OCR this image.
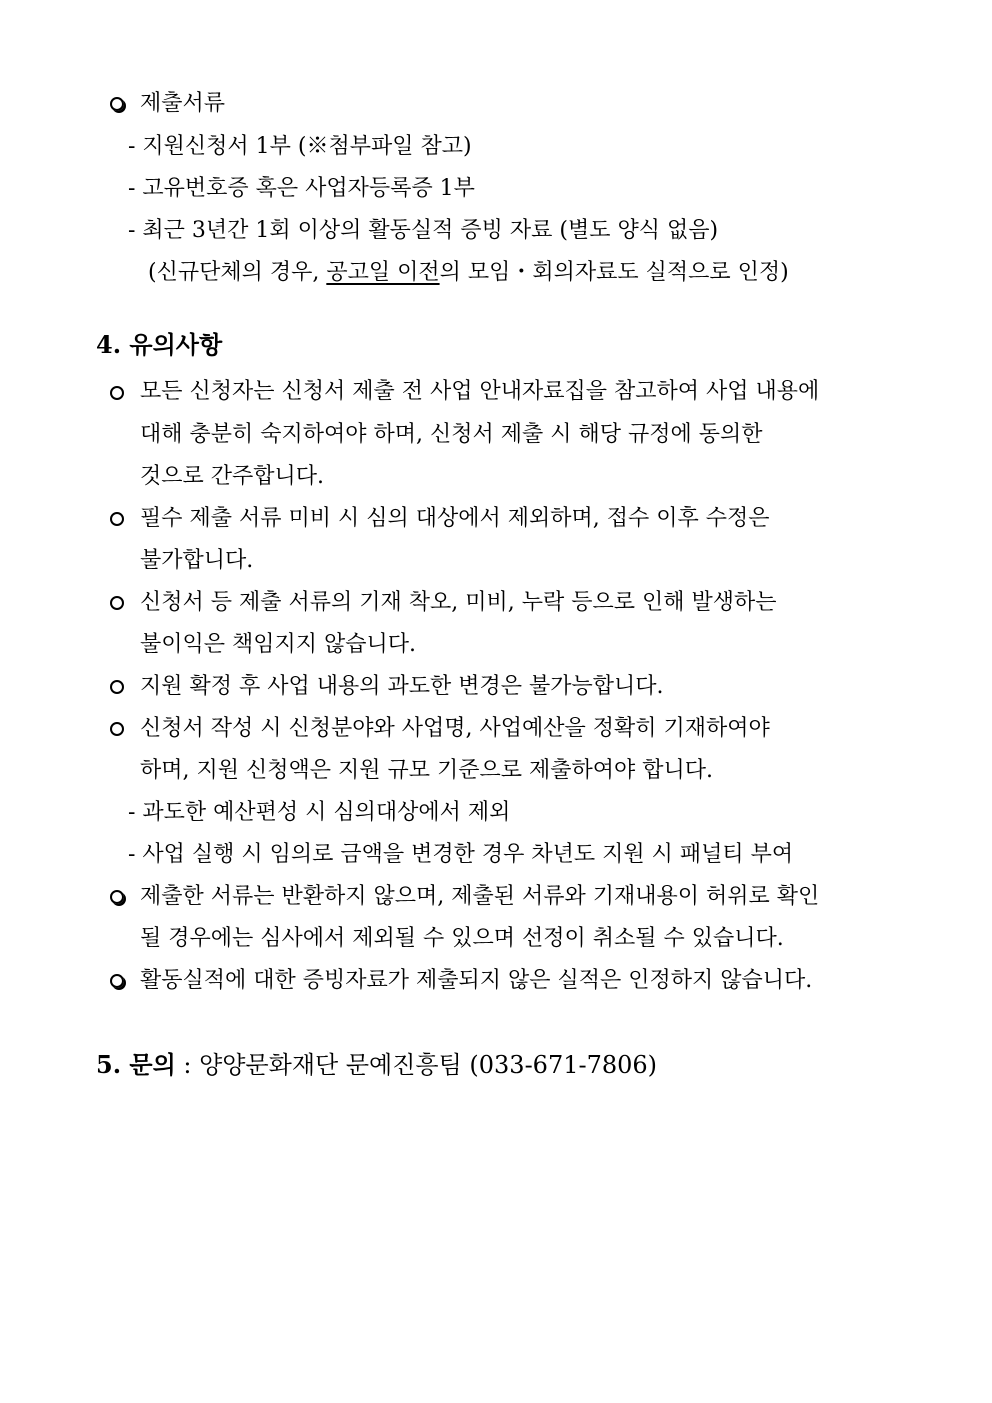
제출서류
- 지원신청서 1부 (※첨부파일 참고)
- 고유번호증 혹은 사업자등록증 1부
- 최근 3년간 1회 이상의 활동실적 증빙 자료 (별도 양식 없음)
(신규단체의 경우, 공고일 이전의 모임・회의자료도 실적으로 인정)
4. 유의사항
모든 신청자는 신청서 제출 전 사업 안내자료집을 참고하여 사업 내용에
대해 충분히 숙지하여야 하며, 신청서 제출 시 해당 규정에 동의한
것으로 간주합니다.
필수 제출 서류 미비 시 심의 대상에서 제외하며, 접수 이후 수정은
불가합니다.
신청서 등 제출 서류의 기재 착오, 미비, 누락 등으로 인해 발생하는
불이익은 책임지지 않습니다.
지원 확정 후 사업 내용의 과도한 변경은 불가능합니다.
신청서 작성 시 신청분야와 사업명, 사업예산을 정확히 기재하여야
하며, 지원 신청액은 지원 규모 기준으로 제출하여야 합니다.
- 과도한 예산편성 시 심의대상에서 제외
- 사업 실행 시 임의로 금액을 변경한 경우 차년도 지원 시 패널티 부여
제출한 서류는 반환하지 않으며, 제출된 서류와 기재내용이 허위로 확인
될 경우에는 심사에서 제외될 수 있으며 선정이 취소될 수 있습니다.
활동실적에 대한 증빙자료가 제출되지 않은 실적은 인정하지 않습니다.
5. 문의 : 양양문화재단 문예진흥팀 (033-671-7806)
